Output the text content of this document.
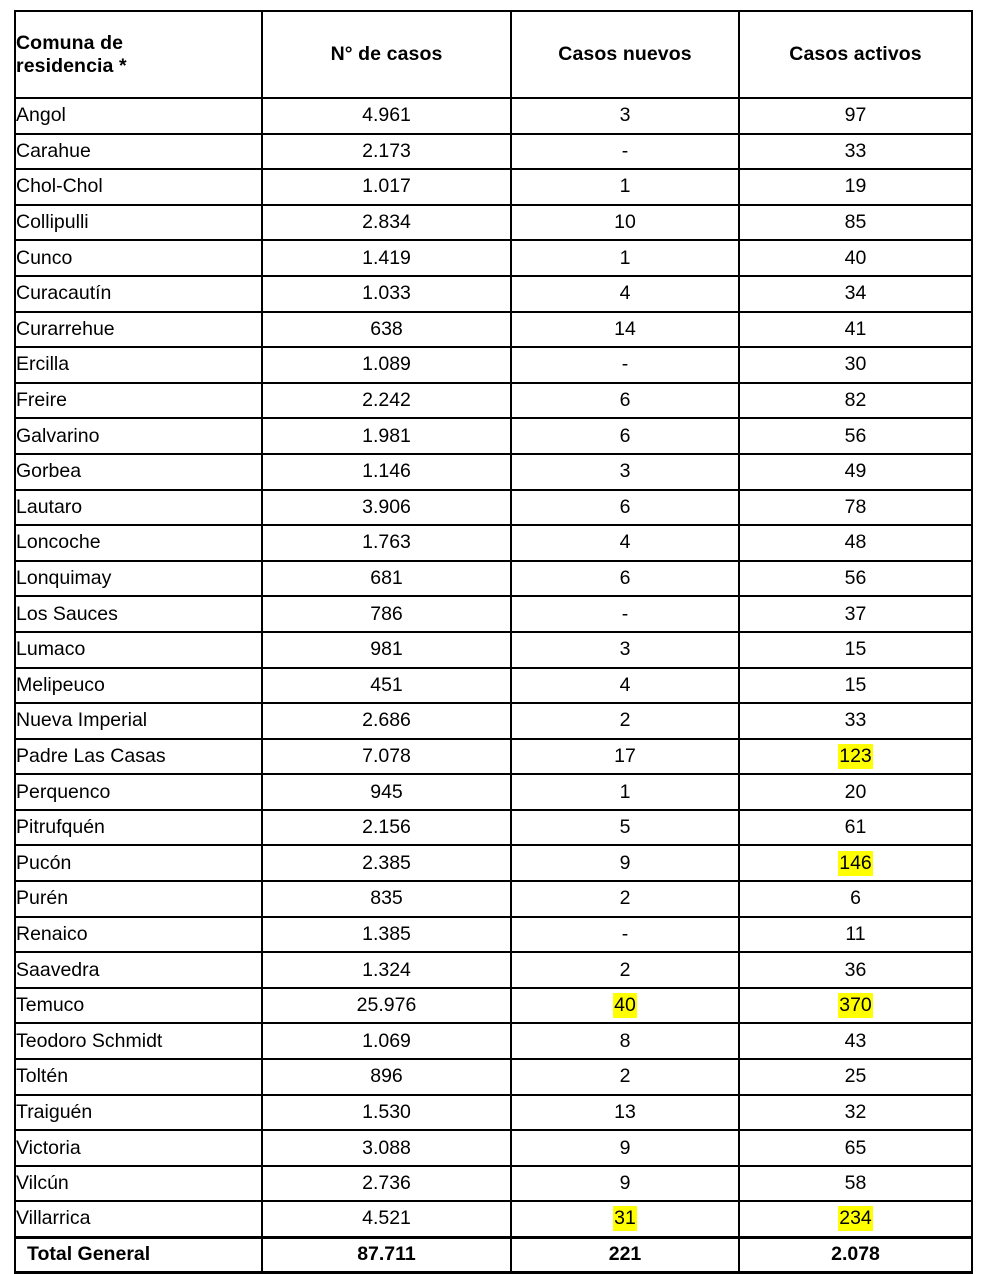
Comuna de
residencia *	N° de casos	Casos nuevos	Casos activos
Angol	4.961	3	97
Carahue	2.173	-	33
Chol-Chol	1.017	1	19
Collipulli	2.834	10	85
Cunco	1.419	1	40
Curacautín	1.033	4	34
Curarrehue	638	14	41
Ercilla	1.089	-	30
Freire	2.242	6	82
Galvarino	1.981	6	56
Gorbea	1.146	3	49
Lautaro	3.906	6	78
Loncoche	1.763	4	48
Lonquimay	681	6	56
Los Sauces	786	-	37
Lumaco	981	3	15
Melipeuco	451	4	15
Nueva Imperial	2.686	2	33
Padre Las Casas	7.078	17	123
Perquenco	945	1	20
Pitrufquén	2.156	5	61
Pucón	2.385	9	146
Purén	835	2	6
Renaico	1.385	-	11
Saavedra	1.324	2	36
Temuco	25.976	40	370
Teodoro Schmidt	1.069	8	43
Toltén	896	2	25
Traiguén	1.530	13	32
Victoria	3.088	9	65
Vilcún	2.736	9	58
Villarrica	4.521	31	234
Total General	87.711	221	2.078
